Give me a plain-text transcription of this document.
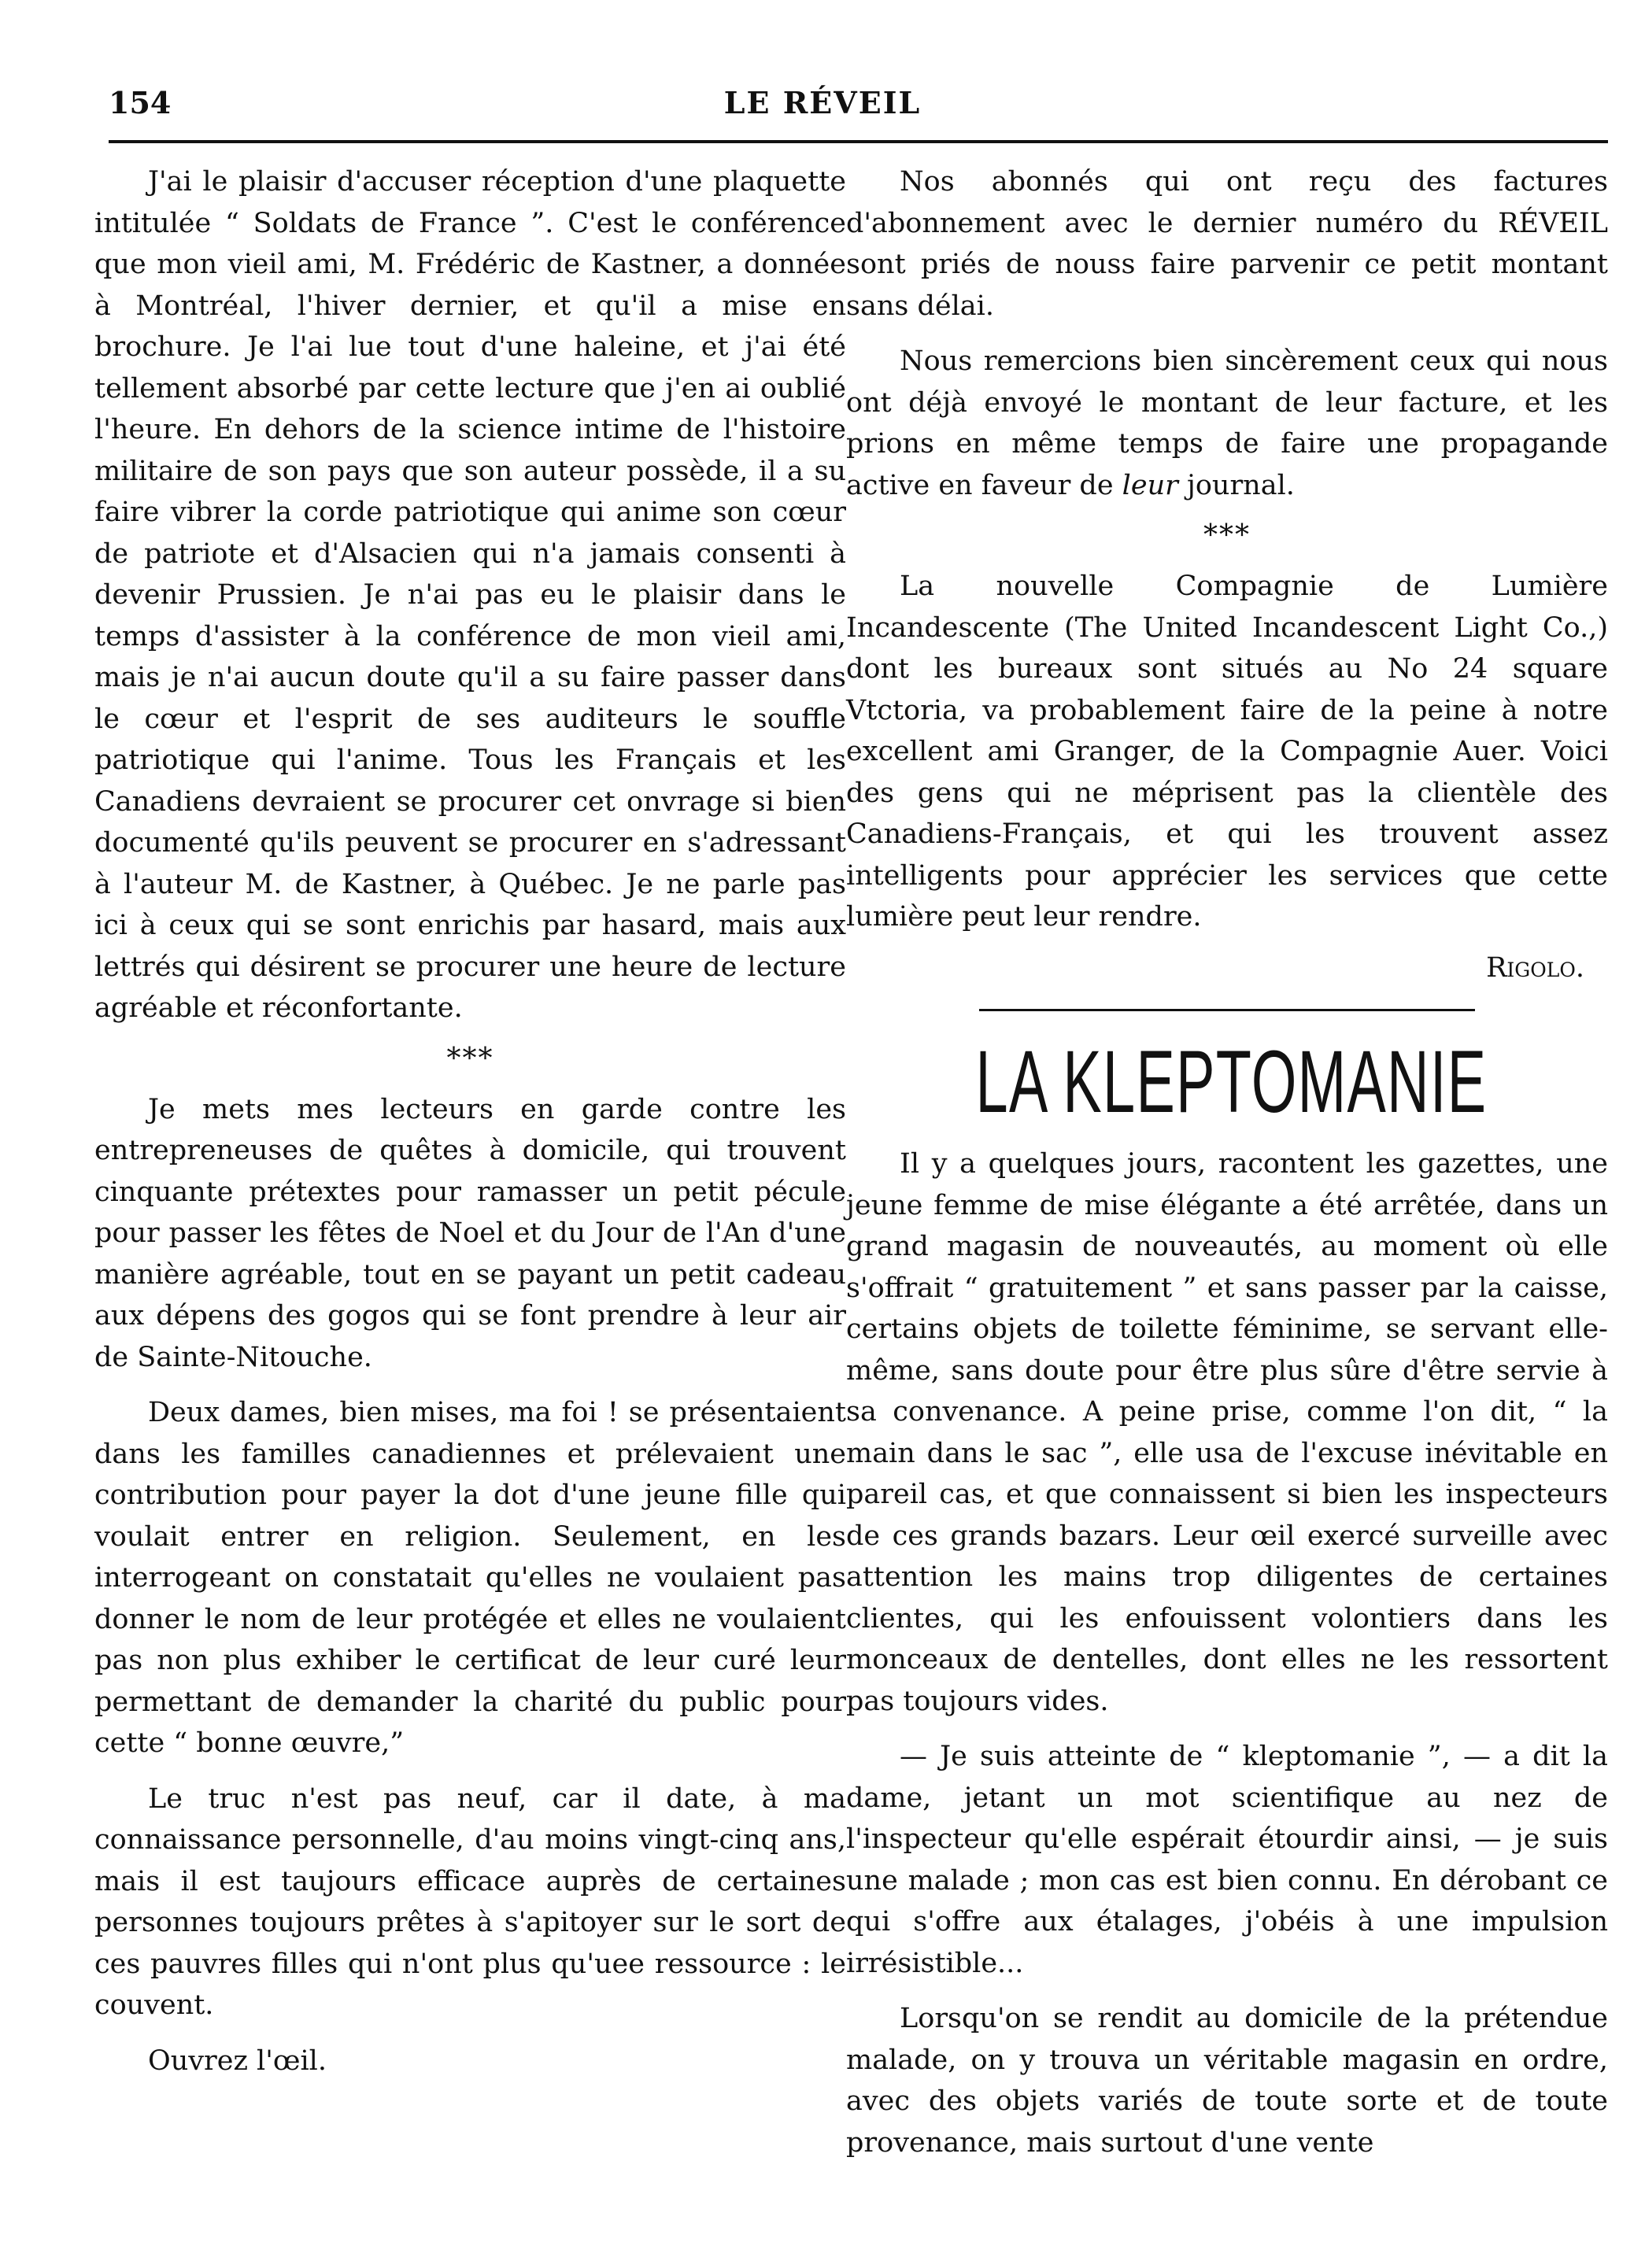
154	LE RÉVEIL

J'ai le plaisir d'accuser réception d'une plaquette intitulée “ Soldats de France ”. C'est le conférence que mon vieil ami, M. Frédéric de Kastner, a donnée à Montréal, l'hiver dernier, et qu'il a mise en brochure. Je l'ai lue tout d'une haleine, et j'ai été tellement absorbé par cette lecture que j'en ai oublié l'heure. En dehors de la science intime de l'histoire militaire de son pays que son auteur possède, il a su faire vibrer la corde patriotique qui anime son cœur de patriote et d'Alsacien qui n'a jamais consenti à devenir Prussien. Je n'ai pas eu le plaisir dans le temps d'assister à la conférence de mon vieil ami, mais je n'ai aucun doute qu'il a su faire passer dans le cœur et l'esprit de ses auditeurs le souffle patriotique qui l'anime. Tous les Français et les Canadiens devraient se procurer cet onvrage si bien documenté qu'ils peuvent se procurer en s'adressant à l'auteur M. de Kastner, à Québec. Je ne parle pas ici à ceux qui se sont enrichis par hasard, mais aux lettrés qui désirent se procurer une heure de lecture agréable et réconfortante.

***

Je mets mes lecteurs en garde contre les entrepreneuses de quêtes à domicile, qui trouvent cinquante prétextes pour ramasser un petit pécule pour passer les fêtes de Noel et du Jour de l'An d'une manière agréable, tout en se payant un petit cadeau aux dépens des gogos qui se font prendre à leur air de Sainte-Nitouche.

Deux dames, bien mises, ma foi ! se présentaient dans les familles canadiennes et prélevaient une contribution pour payer la dot d'une jeune fille qui voulait entrer en religion. Seulement, en les interrogeant on constatait qu'elles ne voulaient pas donner le nom de leur protégée et elles ne voulaient pas non plus exhiber le certificat de leur curé leur permettant de demander la charité du public pour cette “ bonne œuvre,”

Le truc n'est pas neuf, car il date, à ma connaissance personnelle, d'au moins vingt-cinq ans, mais il est taujours efficace auprès de certaines personnes toujours prêtes à s'apitoyer sur le sort de ces pauvres filles qui n'ont plus qu'uee ressource : le couvent.

Ouvrez l'œil.

Nos abonnés qui ont reçu des factures d'abonnement avec le dernier numéro du RÉVEIL sont priés de nouss faire parvenir ce petit montant sans délai.

Nous remercions bien sincèrement ceux qui nous ont déjà envoyé le montant de leur facture, et les prions en même temps de faire une propagande active en faveur de leur journal.

***

La nouvelle Compagnie de Lumière Incandescente (The United Incandescent Light Co.,) dont les bureaux sont situés au No 24 square Vtctoria, va probablement faire de la peine à notre excellent ami Granger, de la Compagnie Auer. Voici des gens qui ne méprisent pas la clientèle des Canadiens-Français, et qui les trouvent assez intelligents pour apprécier les services que cette lumière peut leur rendre.

Rigolo.
LA KLEPTOMANIE

Il y a quelques jours, racontent les gazettes, une jeune femme de mise élégante a été arrêtée, dans un grand magasin de nouveautés, au moment où elle s'offrait “ gratuitement ” et sans passer par la caisse, certains objets de toilette féminime, se servant elle-même, sans doute pour être plus sûre d'être servie à sa convenance. A peine prise, comme l'on dit, “ la main dans le sac ”, elle usa de l'excuse inévitable en pareil cas, et que connaissent si bien les inspecteurs de ces grands bazars. Leur œil exercé surveille avec attention les mains trop diligentes de certaines clientes, qui les enfouissent volontiers dans les monceaux de dentelles, dont elles ne les ressortent pas toujours vides.

— Je suis atteinte de “ kleptomanie ”, — a dit la dame, jetant un mot scientifique au nez de l'inspecteur qu'elle espérait étourdir ainsi, — je suis une malade ; mon cas est bien connu. En dérobant ce qui s'offre aux étalages, j'obéis à une impulsion irrésistible...

Lorsqu'on se rendit au domicile de la prétendue malade, on y trouva un véritable magasin en ordre, avec des objets variés de toute sorte et de toute provenance, mais surtout d'une vente
